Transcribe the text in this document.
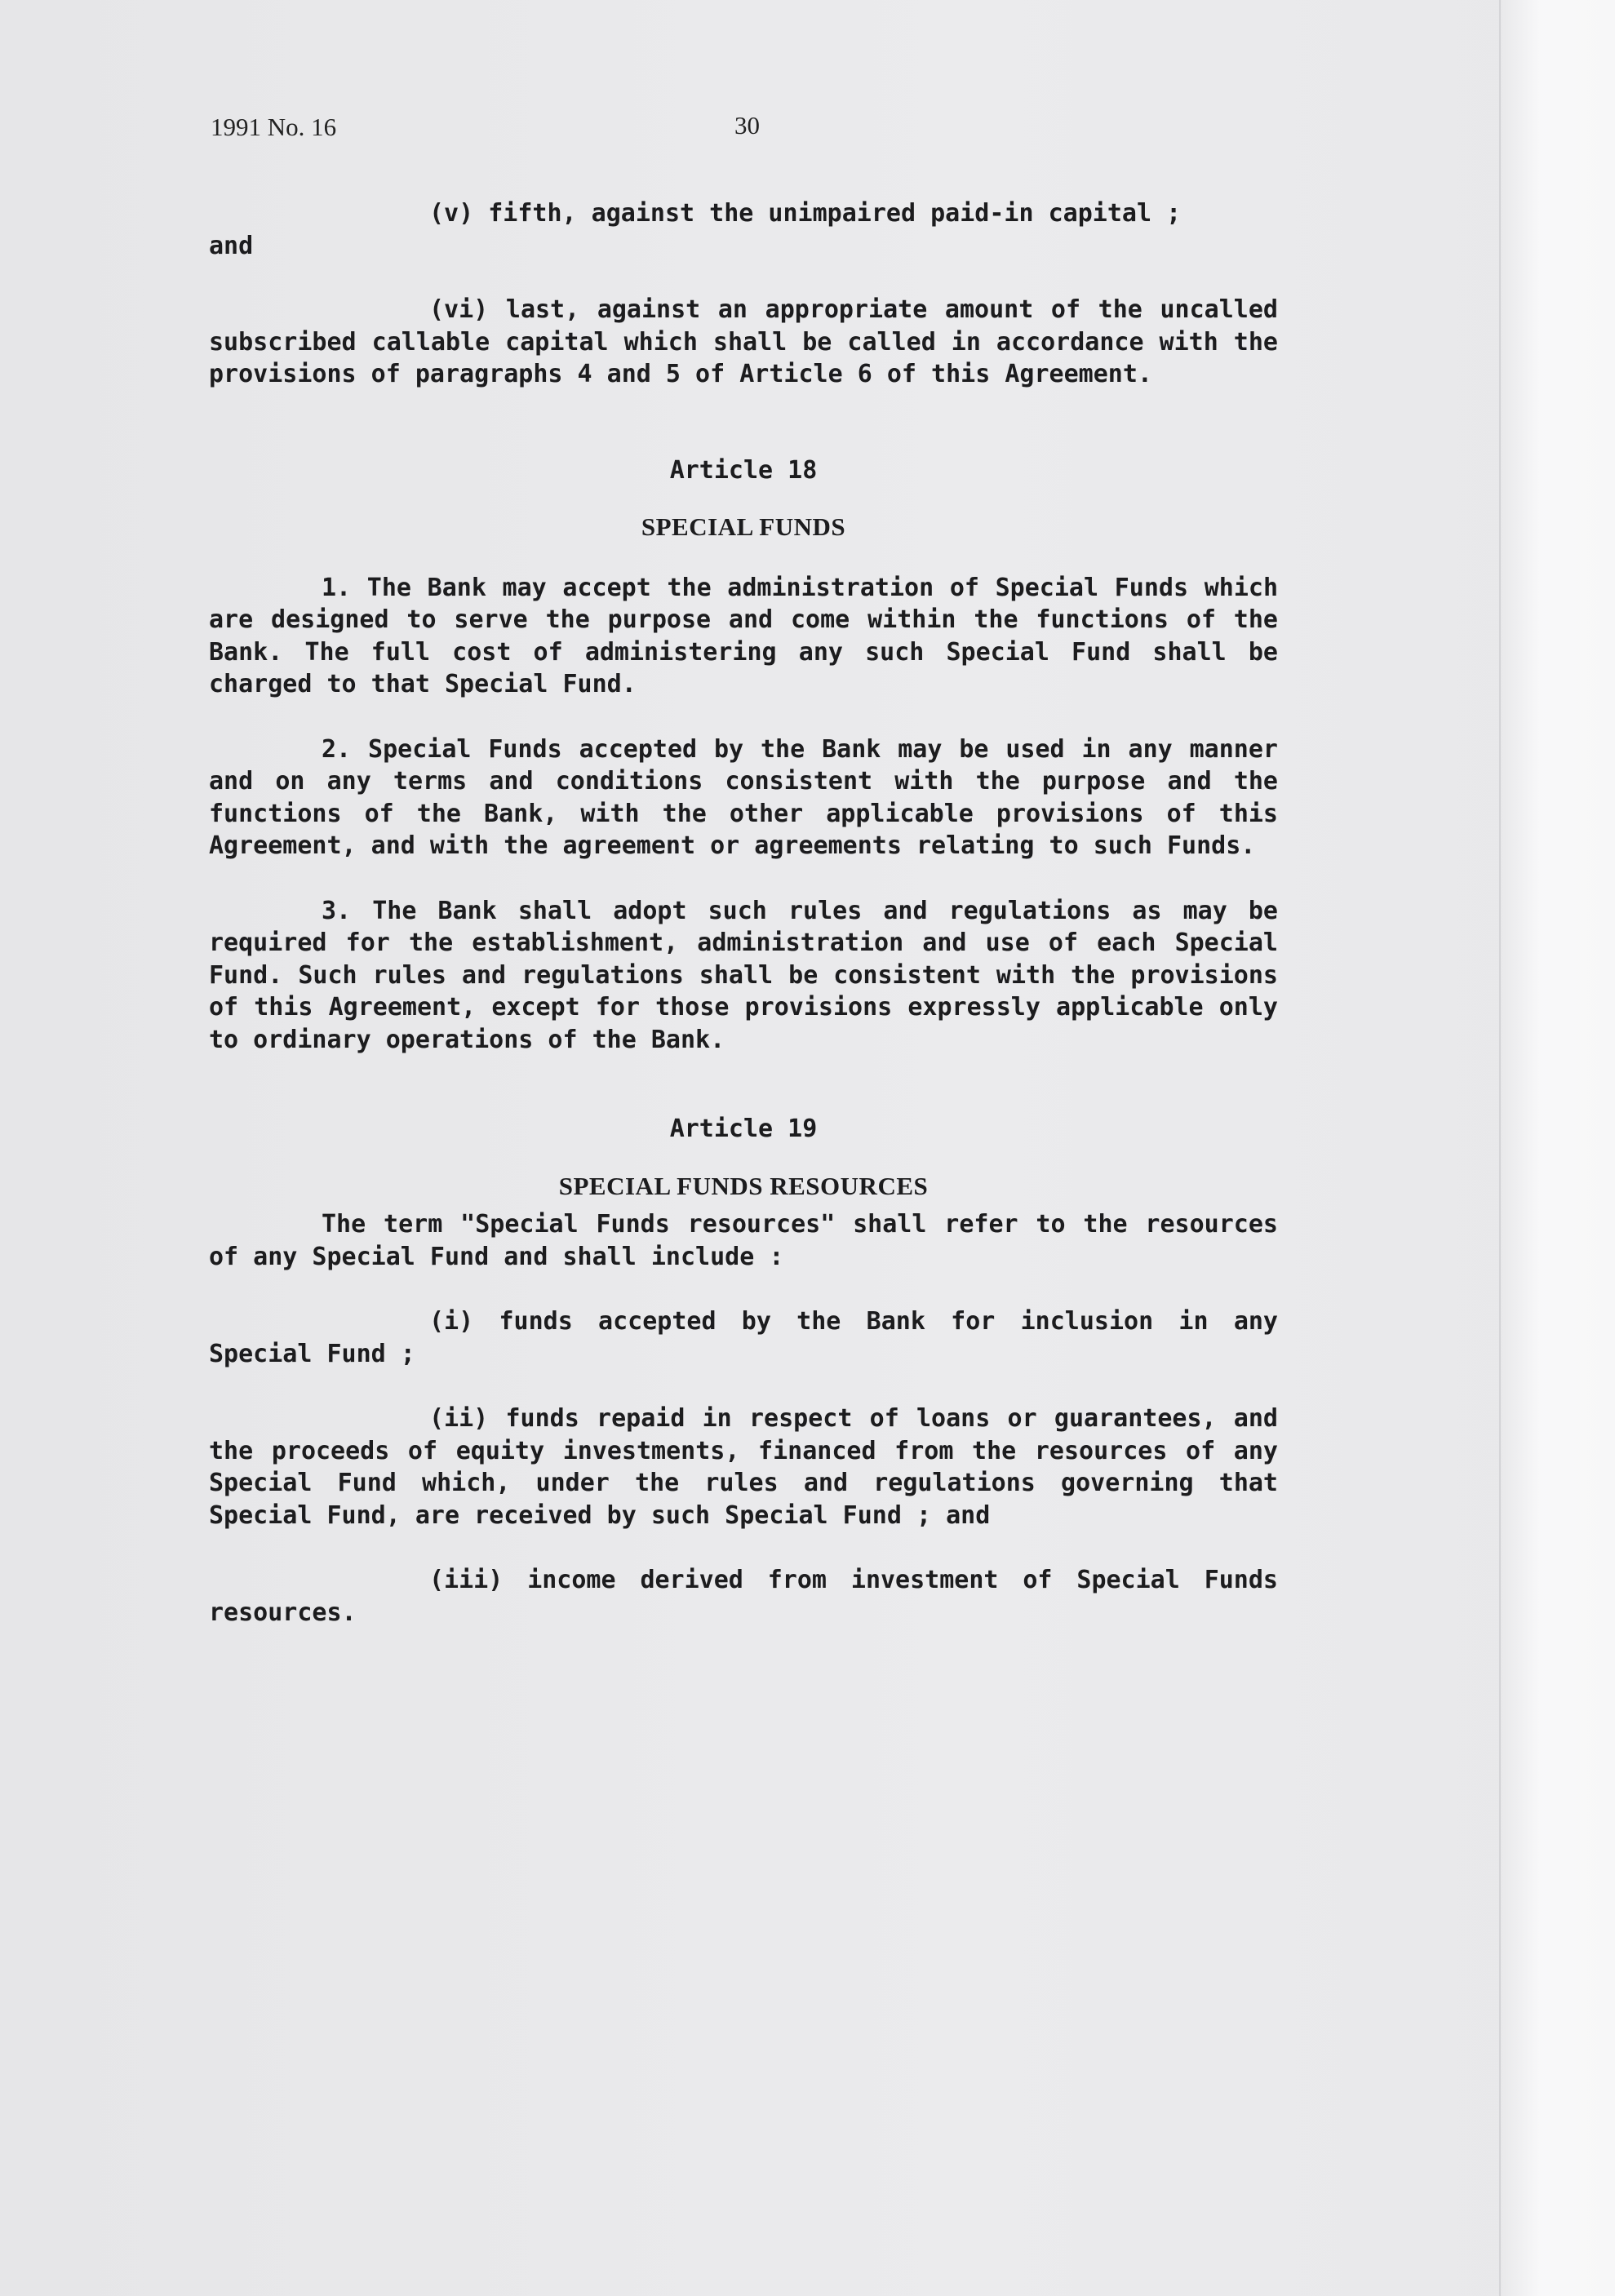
1991 No. 16	30

(v) fifth, against the unimpaired paid-in capital ;

and

(vi) last, against an appropriate amount of the uncalled subscribed callable capital which shall be called in accordance with the provisions of paragraphs 4 and 5 of Article 6 of this Agreement.

Article 18

SPECIAL FUNDS

1. The Bank may accept the administration of Special Funds which are designed to serve the purpose and come within the functions of the Bank. The full cost of administering any such Special Fund shall be charged to that Special Fund.

2. Special Funds accepted by the Bank may be used in any manner and on any terms and conditions consistent with the purpose and the functions of the Bank, with the other applicable provisions of this Agreement, and with the agreement or agreements relating to such Funds.

3. The Bank shall adopt such rules and regulations as may be required for the establishment, administration and use of each Special Fund. Such rules and regulations shall be consistent with the provisions of this Agreement, except for those provisions expressly applicable only to ordinary operations of the Bank.

Article 19

SPECIAL FUNDS RESOURCES

The term "Special Funds resources" shall refer to the resources of any Special Fund and shall include :

(i) funds accepted by the Bank for inclusion in any Special Fund ;

(ii) funds repaid in respect of loans or guarantees, and the proceeds of equity investments, financed from the resources of any Special Fund which, under the rules and regulations governing that Special Fund, are received by such Special Fund ; and

(iii) income derived from investment of Special Funds resources.
